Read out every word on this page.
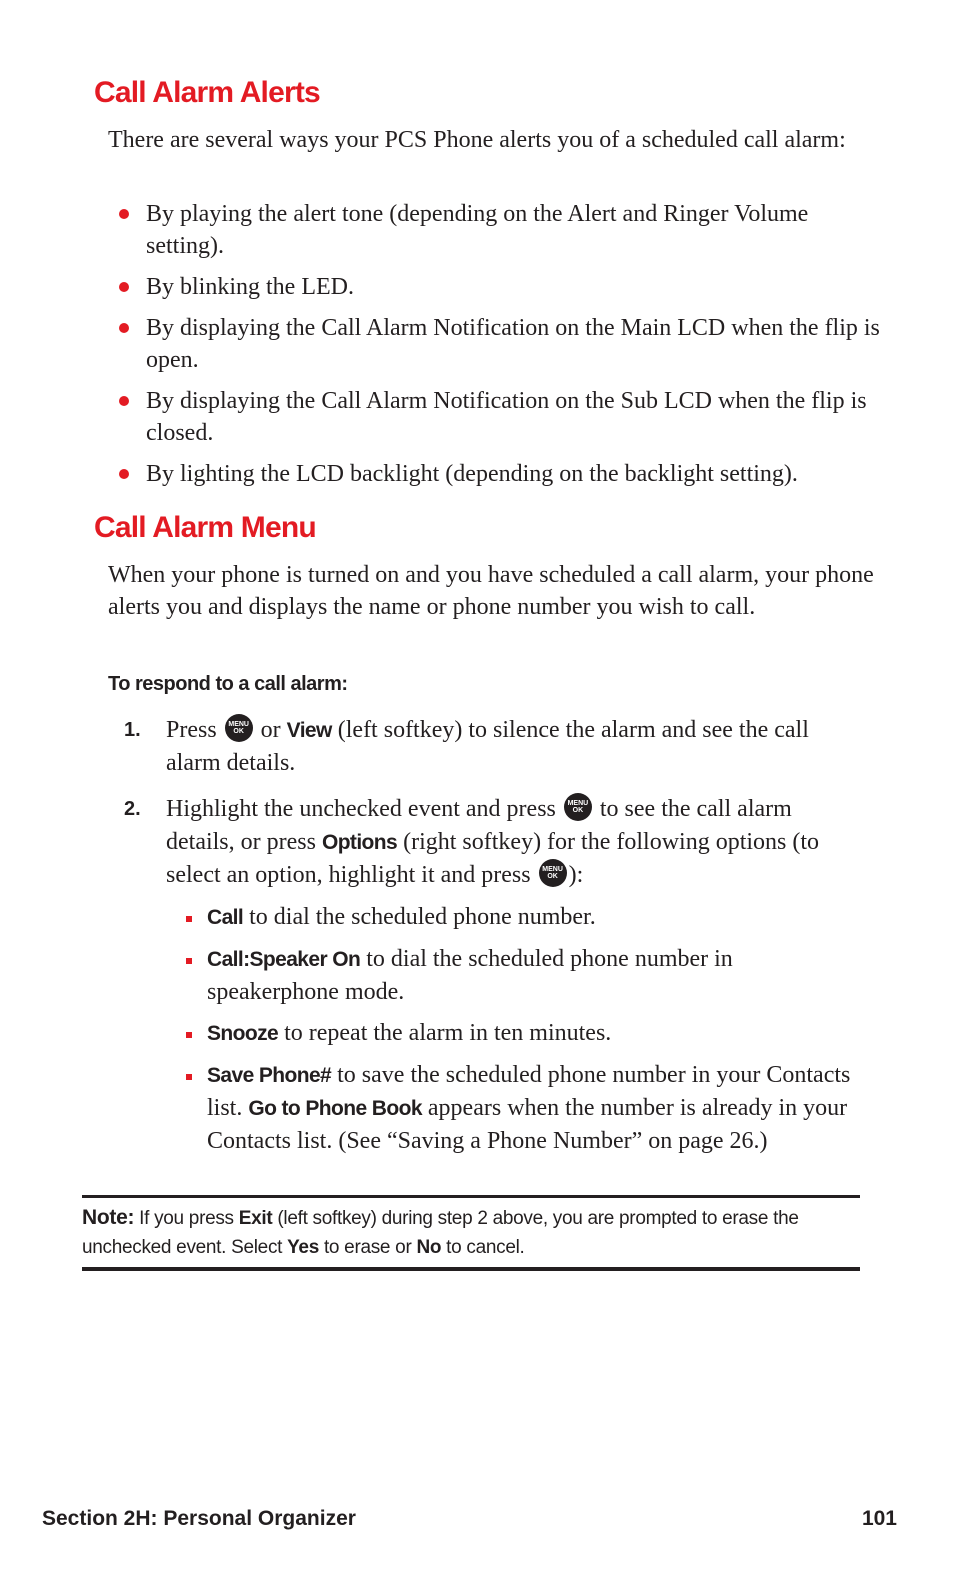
Call Alarm Alerts

There are several ways your PCS Phone alerts you of a scheduled call alarm:

By playing the alert tone (depending on the Alert and Ringer Volume setting).
By blinking the LED.
By displaying the Call Alarm Notification on the Main LCD when the flip is open.
By displaying the Call Alarm Notification on the Sub LCD when the flip is closed.
By lighting the LCD backlight (depending on the backlight setting).
Call Alarm Menu

When your phone is turned on and you have scheduled a call alarm, your phone alerts you and displays the name or phone number you wish to call.

To respond to a call alarm:
1. Press MENU
OK or View (left softkey) to silence the alarm and see the call alarm details.

2. Highlight the unchecked event and press MENU
OK to see the call alarm details, or press Options (right softkey) for the following options (to select an option, highlight it and press MENU
OK ):

Call to dial the scheduled phone number.
Call:Speaker On to dial the scheduled phone number in speakerphone mode.
Snooze to repeat the alarm in ten minutes.
Save Phone# to save the scheduled phone number in your Contacts list. Go to Phone Book appears when the number is already in your Contacts list. (See “Saving a Phone Number” on page 26.)

Note: If you press Exit (left softkey) during step 2 above, you are prompted to erase the unchecked event. Select Yes to erase or No to cancel.

Section 2H: Personal Organizer	101
